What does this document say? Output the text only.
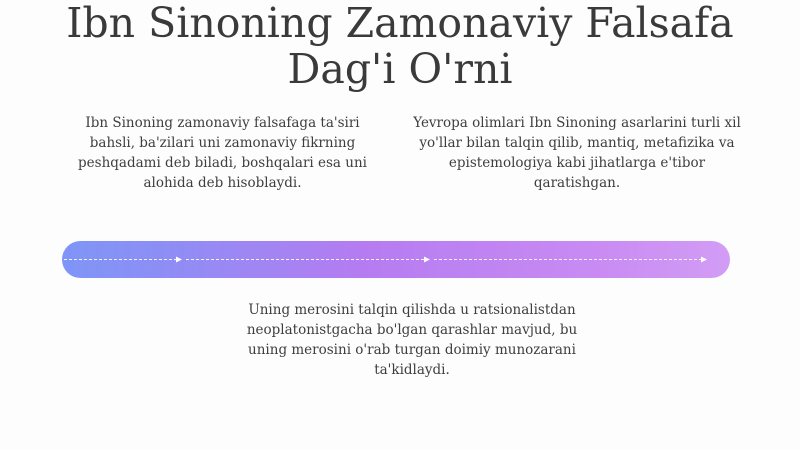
Ibn Sinoning Zamonaviy Falsafa
Dag'i O'rni
Ibn Sinoning zamonaviy falsafaga ta'siri bahsli, ba'zilari uni zamonaviy fikrning peshqadami deb biladi, boshqalari esa uni alohida deb hisoblaydi.
Yevropa olimlari Ibn Sinoning asarlarini turli xil yo'llar bilan talqin qilib, mantiq, metafizika va epistemologiya kabi jihatlarga e'tibor qaratishgan.
Uning merosini talqin qilishda u ratsionalistdan neoplatonistgacha bo'lgan qarashlar mavjud, bu uning merosini o'rab turgan doimiy munozarani ta'kidlaydi.
